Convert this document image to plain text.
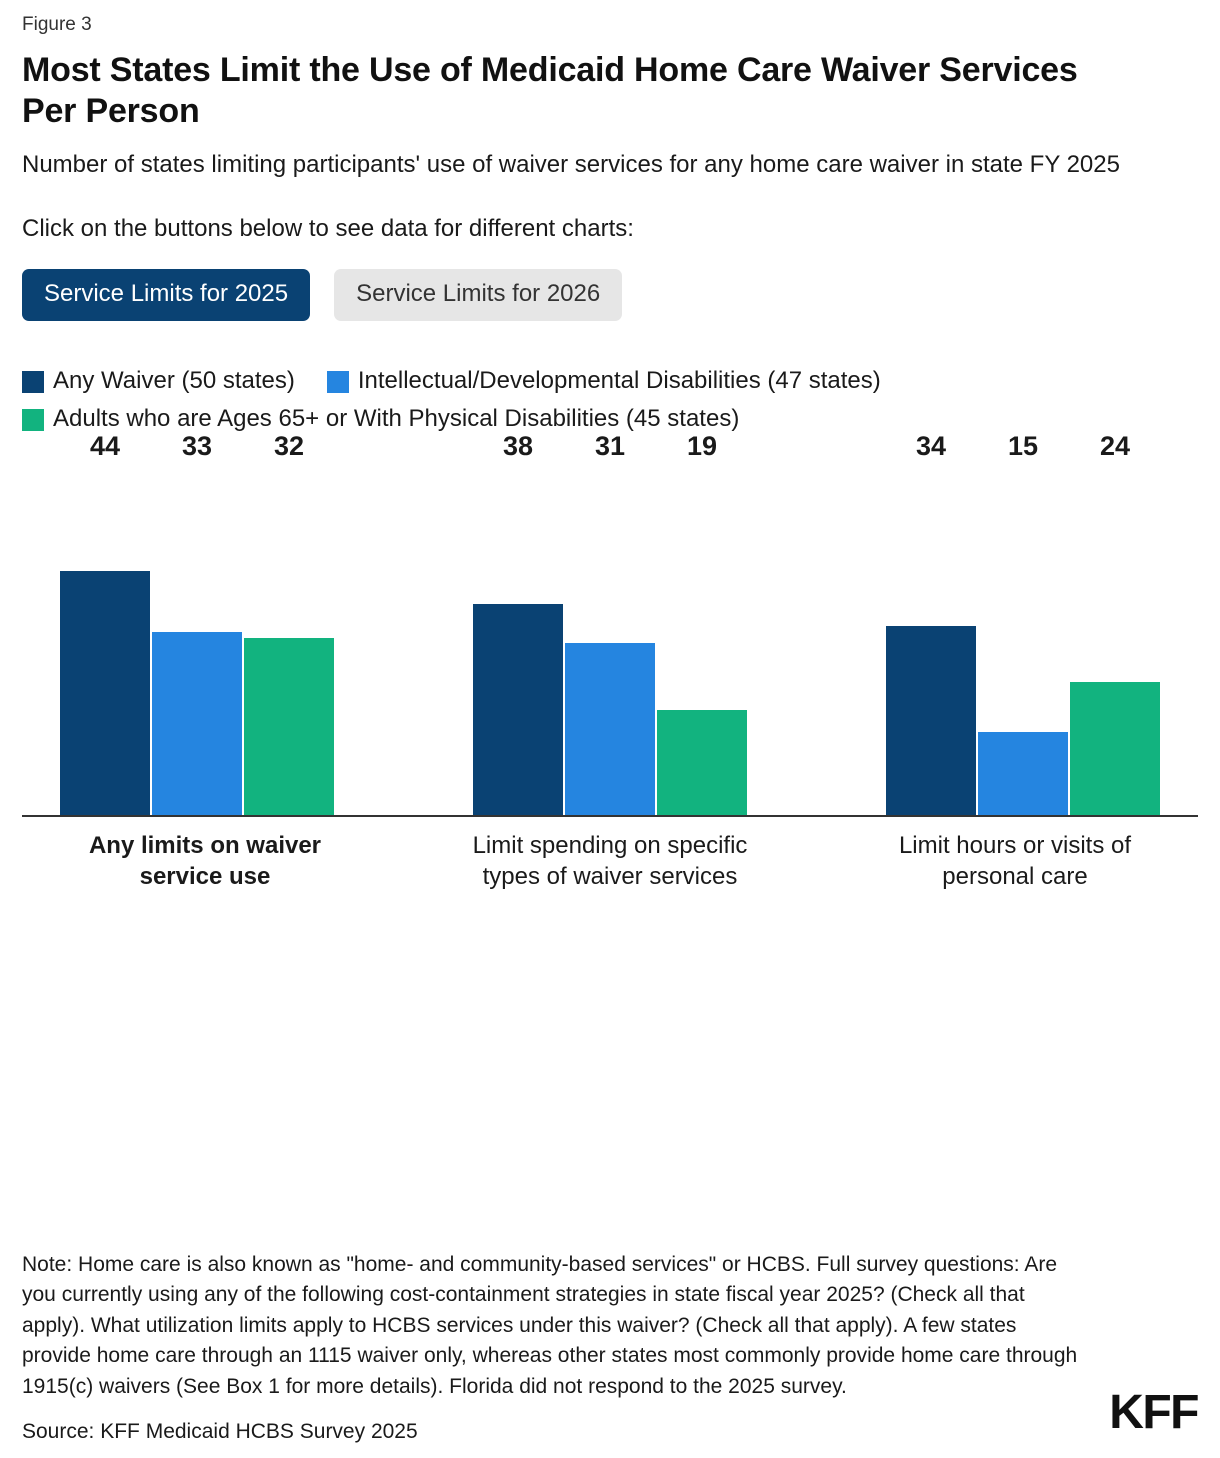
Figure 3
Most States Limit the Use of Medicaid Home Care Waiver Services Per Person
Number of states limiting participants' use of waiver services for any home care waiver in state FY 2025
Click on the buttons below to see data for different charts:
Service Limits for 2025	Service Limits for 2026
Any Waiver (50 states)	Intellectual/Developmental Disabilities (47 states)
Adults who are Ages 65+ or With Physical Disabilities (45 states)
44	33	32	38	31	19	34	15	24
Any limits on waiver service use
Limit spending on specific types of waiver services
Limit hours or visits of personal care
Note: Home care is also known as "home- and community-based services" or HCBS. Full survey questions: Are you currently using any of the following cost-containment strategies in state fiscal year 2025? (Check all that apply). What utilization limits apply to HCBS services under this waiver? (Check all that apply). A few states provide home care through an 1115 waiver only, whereas other states most commonly provide home care through 1915(c) waivers (See Box 1 for more details). Florida did not respond to the 2025 survey.
Source: KFF Medicaid HCBS Survey 2025	KFF
